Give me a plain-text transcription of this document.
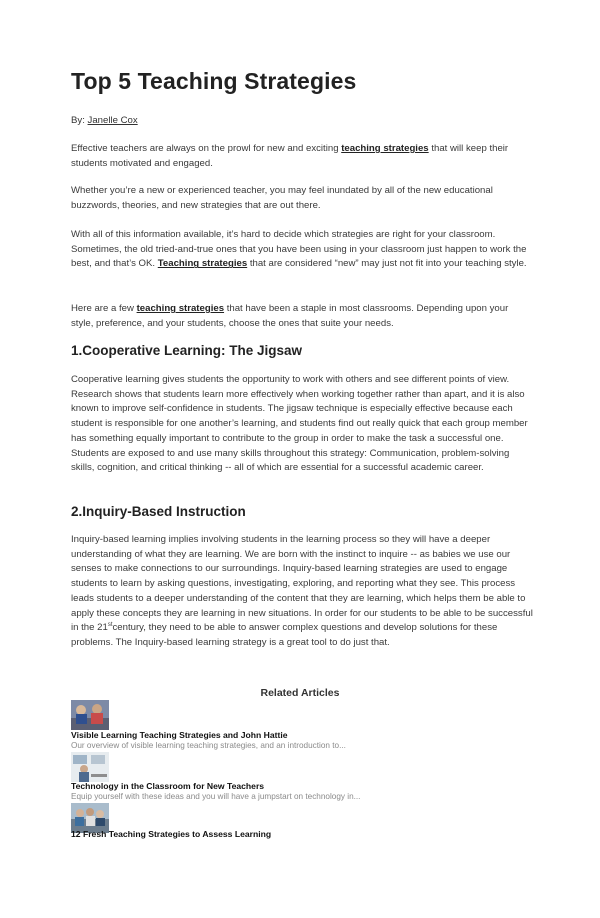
Top 5 Teaching Strategies
By: Janelle Cox

Effective teachers are always on the prowl for new and exciting teaching strategies that will keep their students motivated and engaged.

Whether you’re a new or experienced teacher, you may feel inundated by all of the new educational buzzwords, theories, and new strategies that are out there.

With all of this information available, it’s hard to decide which strategies are right for your classroom. Sometimes, the old tried-and-true ones that you have been using in your classroom just happen to work the best, and that’s OK. Teaching strategies that are considered “new” may just not fit into your teaching style.

Here are a few teaching strategies that have been a staple in most classrooms. Depending upon your style, preference, and your students, choose the ones that suite your needs.

1.Cooperative Learning: The Jigsaw

Cooperative learning gives students the opportunity to work with others and see different points of view. Research shows that students learn more effectively when working together rather than apart, and it is also known to improve self-confidence in students. The jigsaw technique is especially effective because each student is responsible for one another’s learning, and students find out really quick that each group member has something equally important to contribute to the group in order to make the task a successful one. Students are exposed to and use many skills throughout this strategy: Communication, problem-solving skills, cognition, and critical thinking -- all of which are essential for a successful academic career.

2.Inquiry-Based Instruction

Inquiry-based learning implies involving students in the learning process so they will have a deeper understanding of what they are learning. We are born with the instinct to inquire -- as babies we use our senses to make connections to our surroundings. Inquiry-based learning strategies are used to engage students to learn by asking questions, investigating, exploring, and reporting what they see. This process leads students to a deeper understanding of the content that they are learning, which helps them be able to apply these concepts they are learning in new situations. In order for our students to be able to be successful in the 21stcentury, they need to be able to answer complex questions and develop solutions for these problems. The Inquiry-based learning strategy is a great tool to do just that.

Related Articles
Visible Learning Teaching Strategies and John Hattie
Our overview of visible learning teaching strategies, and an introduction to...
Technology in the Classroom for New Teachers
Equip yourself with these ideas and you will have a jumpstart on technology in...
12 Fresh Teaching Strategies to Assess Learning
